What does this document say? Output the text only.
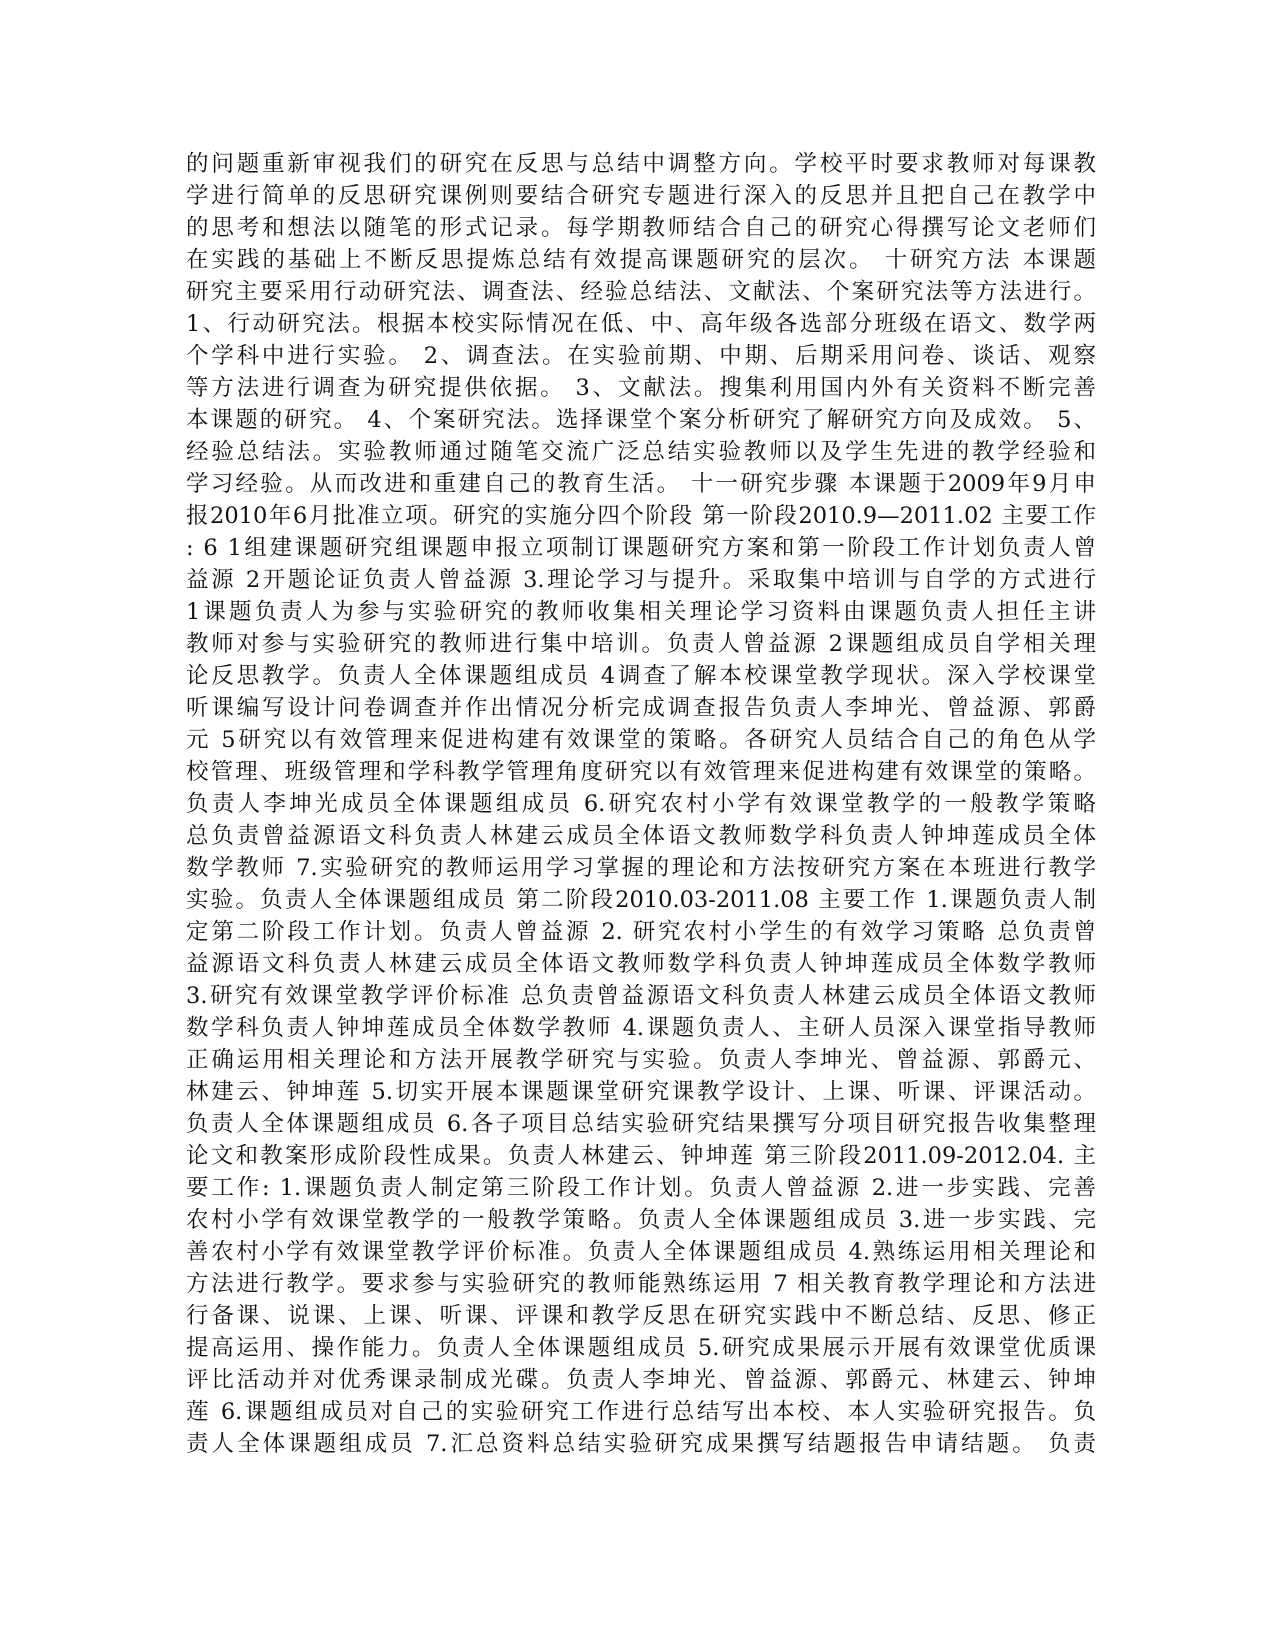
的问题重新审视我们的研究在反思与总结中调整方向。学校平时要求教师对每课教
学进行简单的反思研究课例则要结合研究专题进行深入的反思并且把自己在教学中
的思考和想法以随笔的形式记录。每学期教师结合自己的研究心得撰写论文老师们
在实践的基础上不断反思提炼总结有效提高课题研究的层次。 十研究方法 本课题
研究主要采用行动研究法、调查法、经验总结法、文献法、个案研究法等方法进行。
1、行动研究法。根据本校实际情况在低、中、高年级各选部分班级在语文、数学两
个学科中进行实验。 2、调查法。在实验前期、中期、后期采用问卷、谈话、观察
等方法进行调查为研究提供依据。 3、文献法。搜集利用国内外有关资料不断完善
本课题的研究。 4、个案研究法。选择课堂个案分析研究了解研究方向及成效。 5、
经验总结法。实验教师通过随笔交流广泛总结实验教师以及学生先进的教学经验和
学习经验。从而改进和重建自己的教育生活。 十一研究步骤 本课题于2009年9月申
报2010年6月批准立项。研究的实施分四个阶段 第一阶段2010.9—2011.02 主要工作
: 6 1组建课题研究组课题申报立项制订课题研究方案和第一阶段工作计划负责人曾
益源 2开题论证负责人曾益源 3.理论学习与提升。采取集中培训与自学的方式进行
1课题负责人为参与实验研究的教师收集相关理论学习资料由课题负责人担任主讲
教师对参与实验研究的教师进行集中培训。负责人曾益源 2课题组成员自学相关理
论反思教学。负责人全体课题组成员 4调查了解本校课堂教学现状。深入学校课堂
听课编写设计问卷调查并作出情况分析完成调查报告负责人李坤光、曾益源、郭爵
元 5研究以有效管理来促进构建有效课堂的策略。各研究人员结合自己的角色从学
校管理、班级管理和学科教学管理角度研究以有效管理来促进构建有效课堂的策略。
负责人李坤光成员全体课题组成员 6.研究农村小学有效课堂教学的一般教学策略
总负责曾益源语文科负责人林建云成员全体语文教师数学科负责人钟坤莲成员全体
数学教师 7.实验研究的教师运用学习掌握的理论和方法按研究方案在本班进行教学
实验。负责人全体课题组成员 第二阶段2010.03-2011.08 主要工作 1.课题负责人制
定第二阶段工作计划。负责人曾益源 2. 研究农村小学生的有效学习策略 总负责曾
益源语文科负责人林建云成员全体语文教师数学科负责人钟坤莲成员全体数学教师
3.研究有效课堂教学评价标准 总负责曾益源语文科负责人林建云成员全体语文教师
数学科负责人钟坤莲成员全体数学教师 4.课题负责人、主研人员深入课堂指导教师
正确运用相关理论和方法开展教学研究与实验。负责人李坤光、曾益源、郭爵元、
林建云、钟坤莲 5.切实开展本课题课堂研究课教学设计、上课、听课、评课活动。
负责人全体课题组成员 6.各子项目总结实验研究结果撰写分项目研究报告收集整理
论文和教案形成阶段性成果。负责人林建云、钟坤莲 第三阶段2011.09-2012.04. 主
要工作: 1.课题负责人制定第三阶段工作计划。负责人曾益源 2.进一步实践、完善
农村小学有效课堂教学的一般教学策略。负责人全体课题组成员 3.进一步实践、完
善农村小学有效课堂教学评价标准。负责人全体课题组成员 4.熟练运用相关理论和
方法进行教学。要求参与实验研究的教师能熟练运用 7 相关教育教学理论和方法进
行备课、说课、上课、听课、评课和教学反思在研究实践中不断总结、反思、修正
提高运用、操作能力。负责人全体课题组成员 5.研究成果展示开展有效课堂优质课
评比活动并对优秀课录制成光碟。负责人李坤光、曾益源、郭爵元、林建云、钟坤
莲 6.课题组成员对自己的实验研究工作进行总结写出本校、本人实验研究报告。负
责人全体课题组成员 7.汇总资料总结实验研究成果撰写结题报告申请结题。 负责
